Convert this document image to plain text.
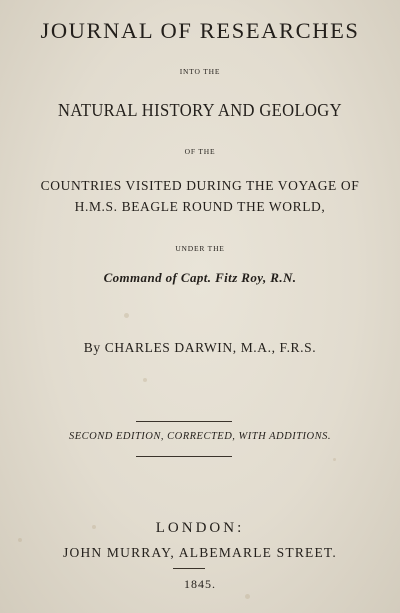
JOURNAL OF RESEARCHES
INTO THE
NATURAL HISTORY AND GEOLOGY
OF THE
COUNTRIES VISITED DURING THE VOYAGE OF
H.M.S. BEAGLE ROUND THE WORLD,
UNDER THE
Command of Capt. Fitz Roy, R.N.
By CHARLES DARWIN, M.A., F.R.S.
SECOND EDITION, CORRECTED, WITH ADDITIONS.
LONDON:
JOHN MURRAY, ALBEMARLE STREET.
1845.
